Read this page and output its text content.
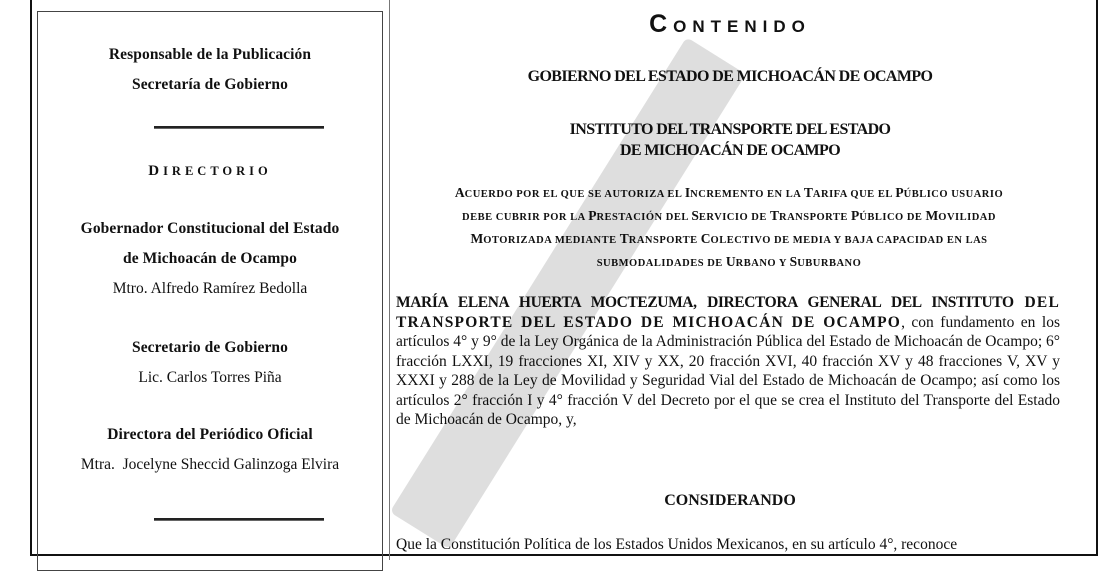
Responsable de la Publicación
Secretaría de Gobierno
DIRECTORIO
Gobernador Constitucional del Estado
de Michoacán de Ocampo
Mtro. Alfredo Ramírez Bedolla
Secretario de Gobierno
Lic. Carlos Torres Piña
Directora del Periódico Oficial
Mtra.  Jocelyne Sheccid Galinzoga Elvira
CONTENIDO
GOBIERNO DEL ESTADO DE MICHOACÁN DE OCAMPO
INSTITUTO DEL TRANSPORTE DEL ESTADO
DE MICHOACÁN DE OCAMPO
ACUERDO POR EL QUE SE AUTORIZA EL INCREMENTO EN LA TARIFA QUE EL PÚBLICO USUARIO
DEBE CUBRIR POR LA PRESTACIÓN DEL SERVICIO DE TRANSPORTE PÚBLICO DE MOVILIDAD
MOTORIZADA MEDIANTE TRANSPORTE COLECTIVO DE MEDIA Y BAJA CAPACIDAD EN LAS
SUBMODALIDADES DE URBANO Y SUBURBANO
MARÍA ELENA HUERTA MOCTEZUMA, DIRECTORA GENERAL DEL INSTITUTO DEL TRANSPORTE DEL ESTADO DE MICHOACÁN DE OCAMPO, con fundamento en los artículos 4° y 9° de la Ley Orgánica de la Administración Pública del Estado de Michoacán de Ocampo; 6° fracción LXXI, 19 fracciones XI, XIV y XX, 20 fracción XVI, 40 fracción XV y 48 fracciones V, XV y XXXI y 288 de la Ley de Movilidad y Seguridad Vial del Estado de Michoacán de Ocampo; así como los artículos 2° fracción I y 4° fracción V del Decreto por el que se crea el Instituto del Transporte del Estado de Michoacán de Ocampo, y,
CONSIDERANDO
Que la Constitución Política de los Estados Unidos Mexicanos, en su artículo 4°, reconoce
